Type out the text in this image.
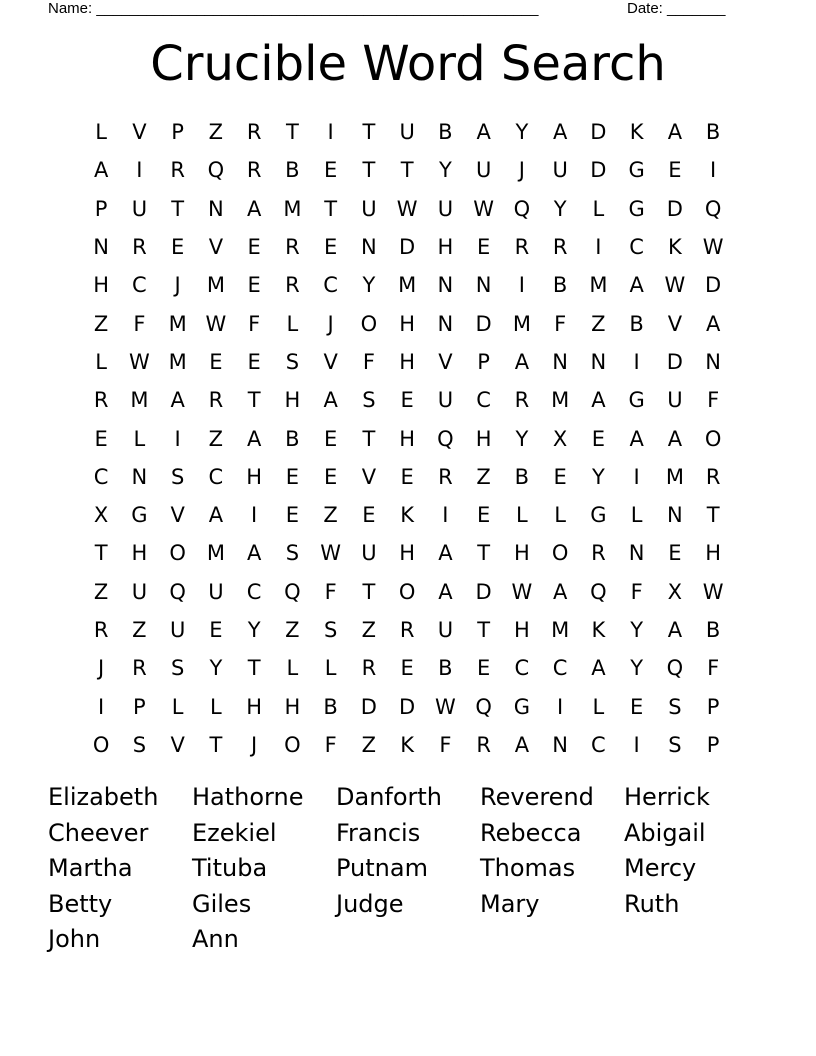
Name: _____________________________________________________	Date: _______
Crucible Word Search
L	V	P	Z	R	T	I	T	U	B	A	Y	A	D	K	A	B
A	I	R	Q	R	B	E	T	T	Y	U	J	U	D	G	E	I
P	U	T	N	A	M	T	U W U W Q	Y	L	G	D	Q
N	R	E	V	E	R	E	N	D	H	E	R	R	I	C	K W
H	C	J	M	E	R	C	Y	M	N	N	I	B	M	A W D
Z	F	M W	F	L	J	O	H	N	D	M	F	Z	B	V	A
L	W M	E	E	S	V	F	H	V	P	A	N	N	I	D	N
R	M	A	R	T	H	A	S	E	U	C	R	M	A	G	U	F
E	L	I	Z	A	B	E	T	H	Q	H	Y	X	E	A	A	O
C	N	S	C	H	E	E	V	E	R	Z	B	E	Y	I	M	R
X	G	V	A	I	E	Z	E	K	I	E	L	L	G	L	N	T
T	H	O M	A	S	W U	H	A	T	H	O	R	N	E	H
Z	U	Q	U	C	Q	F	T	O	A	D W A	Q	F	X W
R	Z	U	E	Y	Z	S	Z	R	U	T	H	M	K	Y	A	B
J	R	S	Y	T	L	L	R	E	B	E	C	C	A	Y	Q	F
I	P	L	L	H	H	B	D	D W Q	G	I	L	E	S	P
O	S	V	T	J	O	F	Z	K	F	R	A	N	C	I	S	P
Elizabeth	Hathorne	Danforth	Reverend	Herrick
Cheever	Ezekiel	Francis	Rebecca	Abigail
Martha	Tituba	Putnam	Thomas	Mercy
Betty	Giles	Judge	Mary	Ruth
John	Ann
